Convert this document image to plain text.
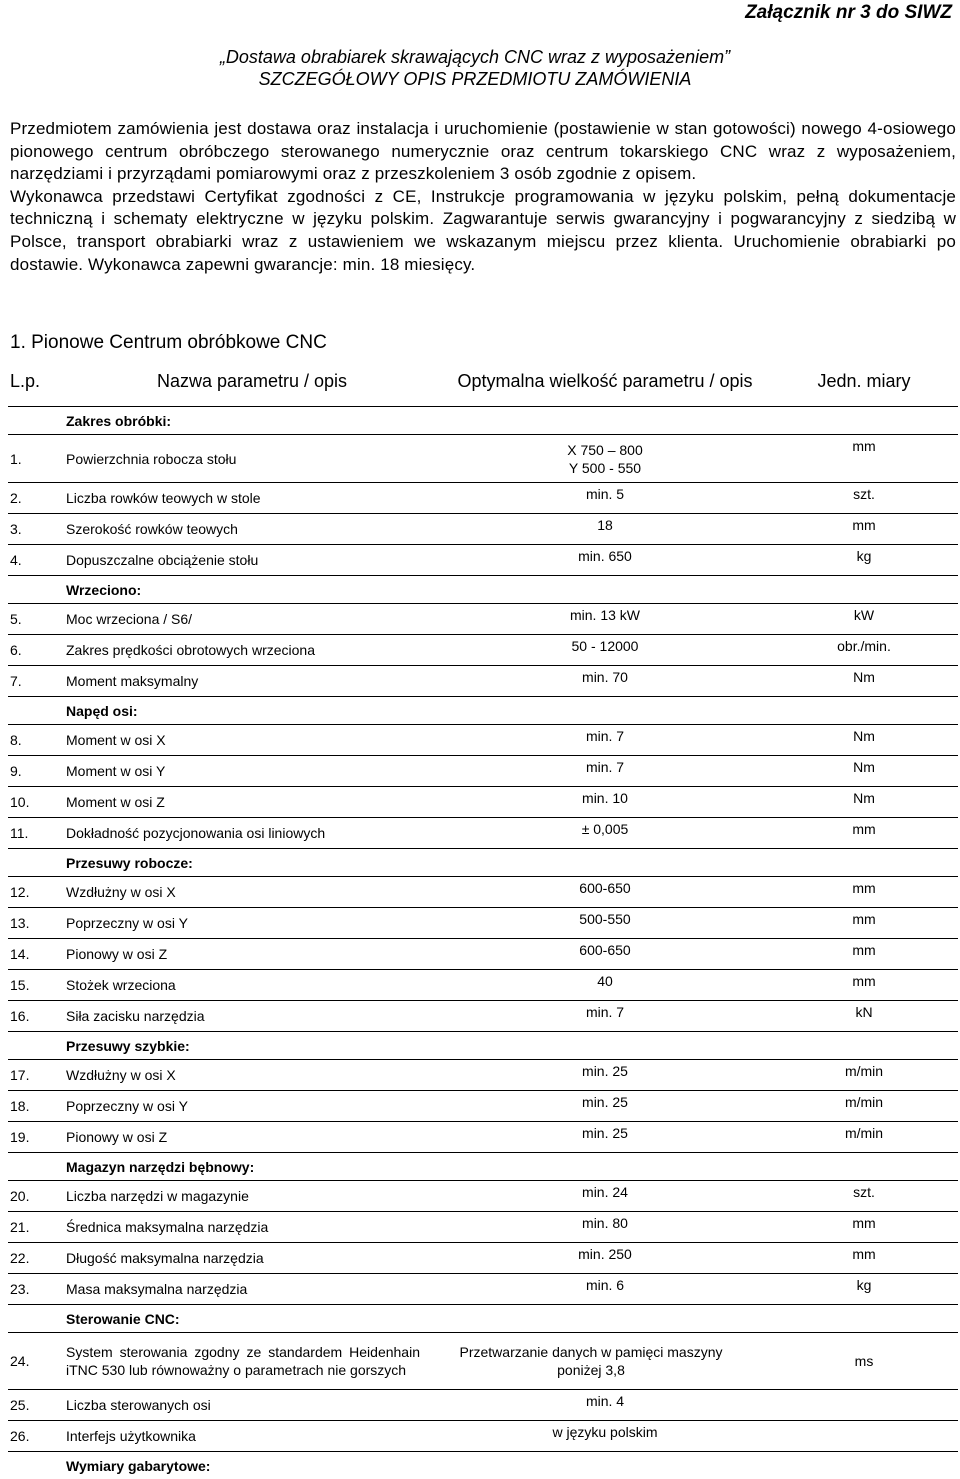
Załącznik nr 3 do SIWZ
„Dostawa obrabiarek skrawających CNC wraz z wyposażeniem”
SZCZEGÓŁOWY OPIS PRZEDMIOTU ZAMÓWIENIA

Przedmiotem zamówienia jest dostawa oraz instalacja i uruchomienie (postawienie w stan gotowości) nowego 4-osiowego pionowego centrum obróbczego sterowanego numerycznie oraz centrum tokarskiego CNC wraz z wyposażeniem, narzędziami i przyrządami pomiarowymi oraz z przeszkoleniem 3 osób zgodnie z opisem.

Wykonawca przedstawi Certyfikat zgodności z CE, Instrukcje programowania w języku polskim, pełną dokumentacje techniczną i schematy elektryczne w języku polskim. Zagwarantuje serwis gwarancyjny i pogwarancyjny z siedzibą w Polsce, transport obrabiarki wraz z ustawieniem we wskazanym miejscu przez klienta. Uruchomienie obrabiarki po dostawie. Wykonawca zapewni gwarancje: min. 18 miesięcy.

1. Pionowe Centrum obróbkowe CNC
L.p.	Nazwa parametru / opis	Optymalna wielkość parametru / opis	Jedn. miary
	Zakres obróbki:		
1.	Powierzchnia robocza stołu	X 750 – 800
Y 500 - 550	mm
2.	Liczba rowków teowych w stole	min. 5	szt.
3.	Szerokość rowków teowych	18	mm
4.	Dopuszczalne obciążenie stołu	min. 650	kg
	Wrzeciono:		
5.	Moc wrzeciona / S6/	min. 13 kW	kW
6.	Zakres prędkości obrotowych wrzeciona	50 - 12000	obr./min.
7.	Moment maksymalny	min. 70	Nm
	Napęd osi:		
8.	Moment w osi X	min. 7	Nm
9.	Moment w osi Y	min. 7	Nm
10.	Moment w osi Z	min. 10	Nm
11.	Dokładność pozycjonowania osi liniowych	± 0,005	mm
	Przesuwy robocze:		
12.	Wzdłużny w osi X	600-650	mm
13.	Poprzeczny w osi Y	500-550	mm
14.	Pionowy w osi Z	600-650	mm
15.	Stożek wrzeciona	40	mm
16.	Siła zacisku narzędzia	min. 7	kN
	Przesuwy szybkie:		
17.	Wzdłużny w osi X	min. 25	m/min
18.	Poprzeczny w osi Y	min. 25	m/min
19.	Pionowy w osi Z	min. 25	m/min
	Magazyn narzędzi bębnowy:		
20.	Liczba narzędzi w magazynie	min. 24	szt.
21.	Średnica maksymalna narzędzia	min. 80	mm
22.	Długość maksymalna narzędzia	min. 250	mm
23.	Masa maksymalna narzędzia	min. 6	kg
	Sterowanie CNC:		
24.	System sterowania zgodny ze standardem Heidenhain iTNC 530 lub równoważny o parametrach nie gorszych	Przetwarzanie danych w pamięci maszyny poniżej 3,8	ms
25.	Liczba sterowanych osi	min. 4	
26.	Interfejs użytkownika	w języku polskim	
	Wymiary gabarytowe:		
